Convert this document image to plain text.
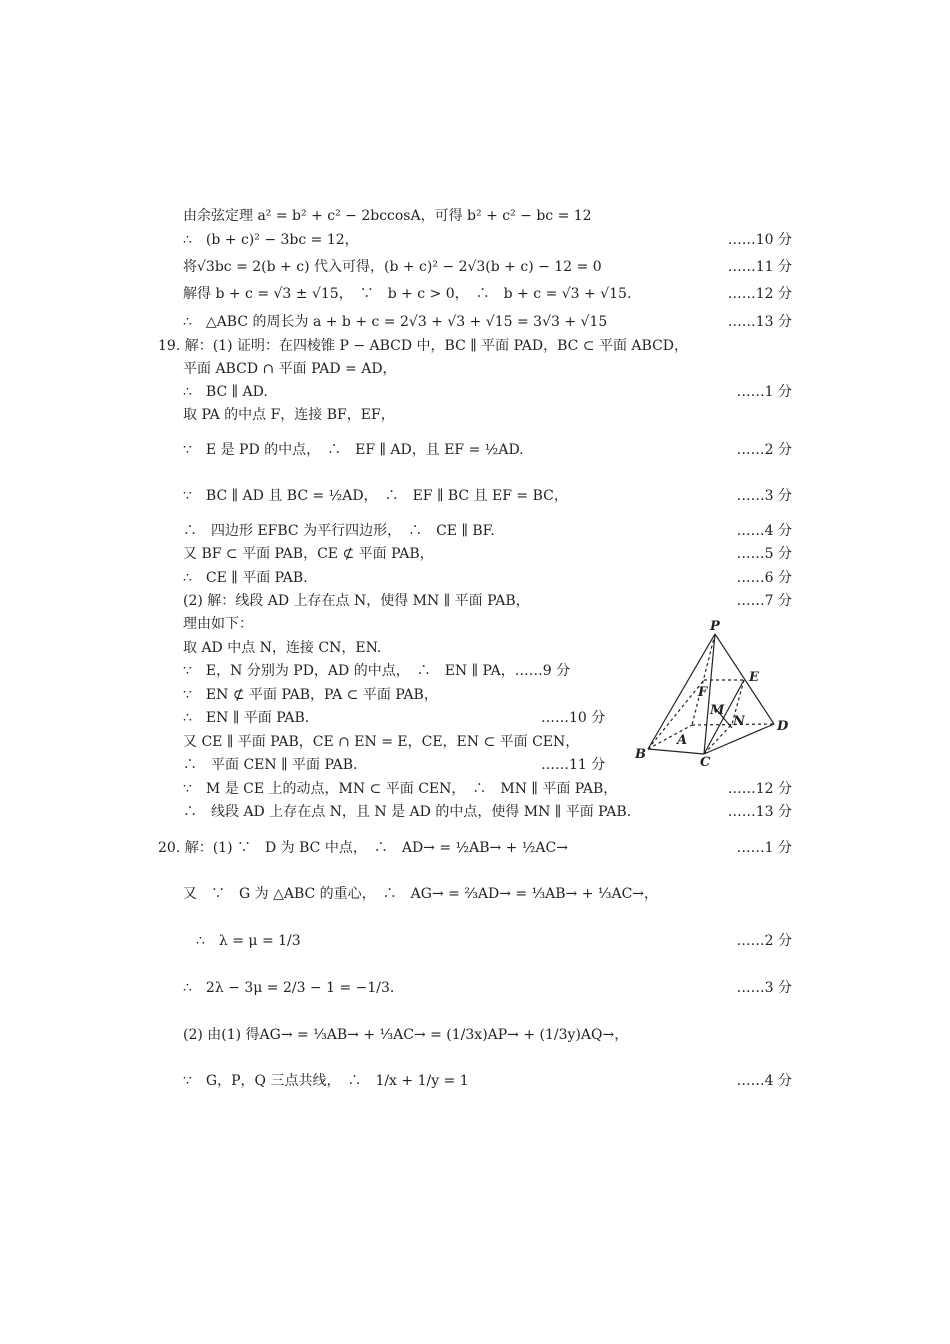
由余弦定理 a² = b² + c² − 2bccosA，可得 b² + c² − bc = 12
∴　(b + c)² − 3bc = 12，	……10 分
将√3bc = 2(b + c) 代入可得，(b + c)² − 2√3(b + c) − 12 = 0	……11 分
解得 b + c = √3 ± √15，　∵　b + c > 0，　∴　b + c = √3 + √15.	……12 分
∴　△ABC 的周长为 a + b + c = 2√3 + √3 + √15 = 3√3 + √15	……13 分
19. 解：(1) 证明：在四棱锥 P − ABCD 中，BC ∥ 平面 PAD，BC ⊂ 平面 ABCD，
平面 ABCD ∩ 平面 PAD = AD，
∴　BC ∥ AD.	……1 分
取 PA 的中点 F，连接 BF，EF，
∵　E 是 PD 的中点，　∴　EF ∥ AD，且 EF = ½AD.	……2 分
∵　BC ∥ AD 且 BC = ½AD，　∴　EF ∥ BC 且 EF = BC，	……3 分
∴　四边形 EFBC 为平行四边形，　∴　CE ∥ BF.	……4 分
又 BF ⊂ 平面 PAB，CE ⊄ 平面 PAB，	……5 分
∴　CE ∥ 平面 PAB.	……6 分
(2) 解：线段 AD 上存在点 N，使得 MN ∥ 平面 PAB，	……7 分
理由如下：
取 AD 中点 N，连接 CN，EN.
∵　E，N 分别为 PD，AD 的中点，　∴　EN ∥ PA，……9 分
∵　EN ⊄ 平面 PAB，PA ⊂ 平面 PAB，
∴　EN ∥ 平面 PAB.	……10 分
又 CE ∥ 平面 PAB，CE ∩ EN = E，CE，EN ⊂ 平面 CEN，
∴　平面 CEN ∥ 平面 PAB.	……11 分
∵　M 是 CE 上的动点，MN ⊂ 平面 CEN，　∴　MN ∥ 平面 PAB，	……12 分
∴　线段 AD 上存在点 N，且 N 是 AD 的中点，使得 MN ∥ 平面 PAB.	……13 分
20. 解：(1) ∵　D 为 BC 中点，　∴　AD→ = ½AB→ + ½AC→	……1 分
又　∵　G 为 △ABC 的重心，　∴　AG→ = ⅔AD→ = ⅓AB→ + ⅓AC→，
∴　λ = μ = 1/3	……2 分
∴　2λ − 3μ = 2/3 − 1 = −1/3.	……3 分
(2) 由(1) 得AG→ = ⅓AB→ + ⅓AC→ = (1/3x)AP→ + (1/3y)AQ→，
∵　G，P，Q 三点共线，　∴　1/x + 1/y = 1	……4 分
P
E
F
M
N
A
B
C
D
